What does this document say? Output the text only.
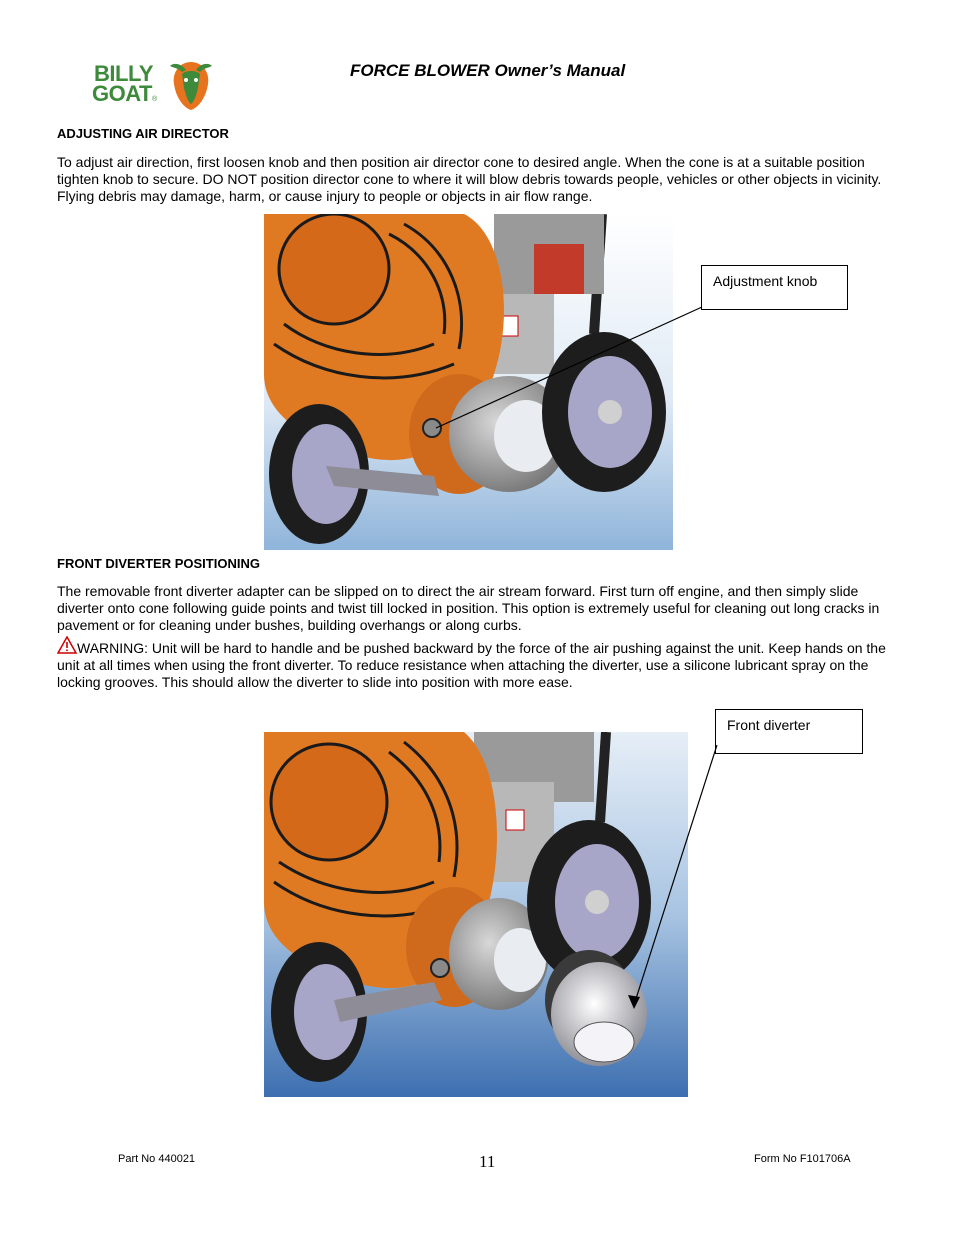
BILLY
GOAT ®
FORCE BLOWER Owner’s Manual
ADJUSTING AIR DIRECTOR
To adjust air direction, first loosen knob and then position air director cone to desired angle. When the cone is at a suitable position tighten knob to secure. DO NOT position director cone to where it will blow debris towards people, vehicles or other objects in vicinity. Flying debris may damage, harm, or cause injury to people or objects in air flow range.
Adjustment knob
FRONT DIVERTER POSITIONING
The removable front diverter adapter can be slipped on to direct the air stream forward. First turn off engine, and then simply slide diverter onto cone following guide points and twist till locked in position. This option is extremely useful for cleaning out long cracks in pavement or for cleaning under bushes, building overhangs or along curbs.
WARNING: Unit will be hard to handle and be pushed backward by the force of the air pushing against the unit. Keep hands on the unit at all times when using the front diverter. To reduce resistance when attaching the diverter, use a silicone lubricant spray on the locking grooves. This should allow the diverter to slide into position with more ease.
Front diverter
Part No 440021	11	Form No F101706A
